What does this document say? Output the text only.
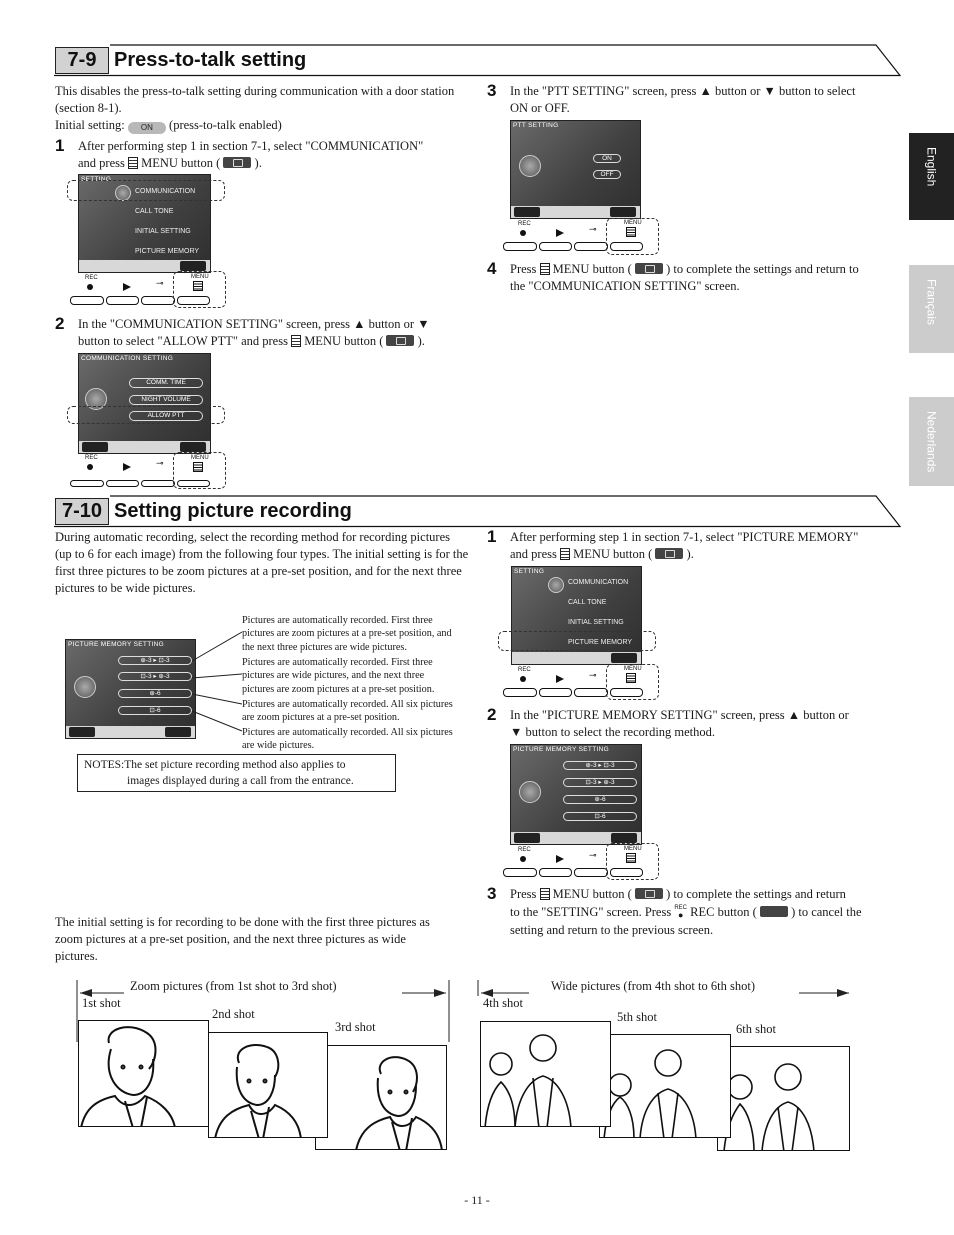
English
Français
Nederlands
7-9 Press-to-talk setting
This disables the press-to-talk setting during communication with a door station (section 8-1).
Initial setting: ON (press-to-talk enabled)
1 After performing step 1 in section 7-1, select "COMMUNICATION"
and press MENU button (	).
SETTING
COMMUNICATION
CALL TONE
INITIAL SETTING
PICTURE MEMORY
REC
⊸
MENU
2 In the "COMMUNICATION SETTING" screen, press ▲ button or ▼
button to select "ALLOW PTT" and press MENU button (	).
COMMUNICATION SETTING
COMM. TIME
NIGHT VOLUME
ALLOW PTT
REC
⊸
MENU
3 In the "PTT SETTING" screen, press ▲ button or ▼ button to select
ON or OFF.
PTT SETTING
ON
OFF
REC
⊸
MENU
4 Press MENU button (	) to complete the settings and return to
the "COMMUNICATION SETTING" screen.
7-10 Setting picture recording
During automatic recording, select the recording method for recording pictures (up to 6 for each image) from the following four types. The initial setting is for the first three pictures to be zoom pictures at a pre-set position, and for the next three pictures to be wide pictures.
PICTURE MEMORY SETTING
⊕-3 ▸ ⊡-3
⊡-3 ▸ ⊕-3
⊕-6
⊡-6
Pictures are automatically recorded. First three pictures are zoom pictures at a pre-set position, and the next three pictures are wide pictures.
Pictures are automatically recorded. First three pictures are wide pictures, and the next three pictures are zoom pictures at a pre-set position.
Pictures are automatically recorded. All six pictures are zoom pictures at a pre-set position.
Pictures are automatically recorded. All six pictures are wide pictures.
NOTES:The set picture recording method also applies to
images displayed during a call from the entrance.
1 After performing step 1 in section 7-1, select "PICTURE MEMORY"
and press MENU button (	).
SETTING
COMMUNICATION
CALL TONE
INITIAL SETTING
PICTURE MEMORY
REC
⊸
MENU
2 In the "PICTURE MEMORY SETTING" screen, press ▲ button or
▼ button to select the recording method.
PICTURE MEMORY SETTING
⊕-3 ▸ ⊡-3
⊡-3 ▸ ⊕-3
⊕-6
⊡-6
REC
⊸
MENU
3 Press MENU button (	) to complete the settings and return
to the "SETTING" screen. Press REC
● REC button (	) to cancel the
setting and return to the previous screen.
The initial setting is for recording to be done with the first three pictures as zoom pictures at a pre-set position, and the next three pictures as wide pictures.
Zoom pictures (from 1st shot to 3rd shot)
1st shot
2nd shot
3rd shot
Wide pictures (from 4th shot to 6th shot)
4th shot
5th shot
6th shot
- 11 -
